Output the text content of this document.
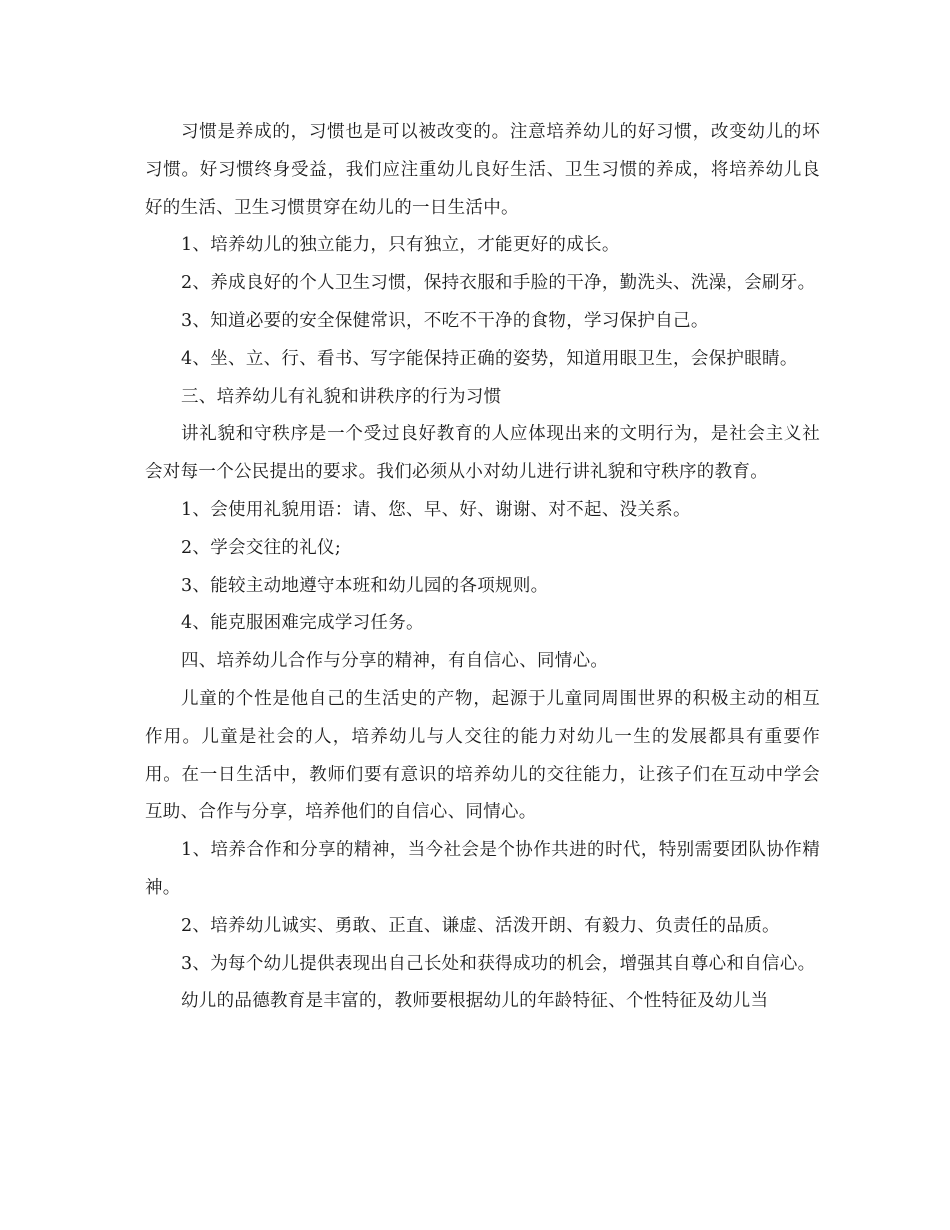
习惯是养成的，习惯也是可以被改变的。注意培养幼儿的好习惯，改变幼儿的坏习惯。好习惯终身受益，我们应注重幼儿良好生活、卫生习惯的养成，将培养幼儿良好的生活、卫生习惯贯穿在幼儿的一日生活中。

1、培养幼儿的独立能力，只有独立，才能更好的成长。

2、养成良好的个人卫生习惯，保持衣服和手脸的干净，勤洗头、洗澡，会刷牙。

3、知道必要的安全保健常识，不吃不干净的食物，学习保护自己。

4、坐、立、行、看书、写字能保持正确的姿势，知道用眼卫生，会保护眼睛。

三、培养幼儿有礼貌和讲秩序的行为习惯

讲礼貌和守秩序是一个受过良好教育的人应体现出来的文明行为，是社会主义社会对每一个公民提出的要求。我们必须从小对幼儿进行讲礼貌和守秩序的教育。

1、会使用礼貌用语：请、您、早、好、谢谢、对不起、没关系。

2、学会交往的礼仪;

3、能较主动地遵守本班和幼儿园的各项规则。

4、能克服困难完成学习任务。

四、培养幼儿合作与分享的精神，有自信心、同情心。

儿童的个性是他自己的生活史的产物，起源于儿童同周围世界的积极主动的相互作用。儿童是社会的人，培养幼儿与人交往的能力对幼儿一生的发展都具有重要作用。在一日生活中，教师们要有意识的培养幼儿的交往能力，让孩子们在互动中学会互助、合作与分享，培养他们的自信心、同情心。

1、培养合作和分享的精神，当今社会是个协作共进的时代，特别需要团队协作精神。

2、培养幼儿诚实、勇敢、正直、谦虚、活泼开朗、有毅力、负责任的品质。

3、为每个幼儿提供表现出自己长处和获得成功的机会，增强其自尊心和自信心。

幼儿的品德教育是丰富的，教师要根据幼儿的年龄特征、个性特征及幼儿当
